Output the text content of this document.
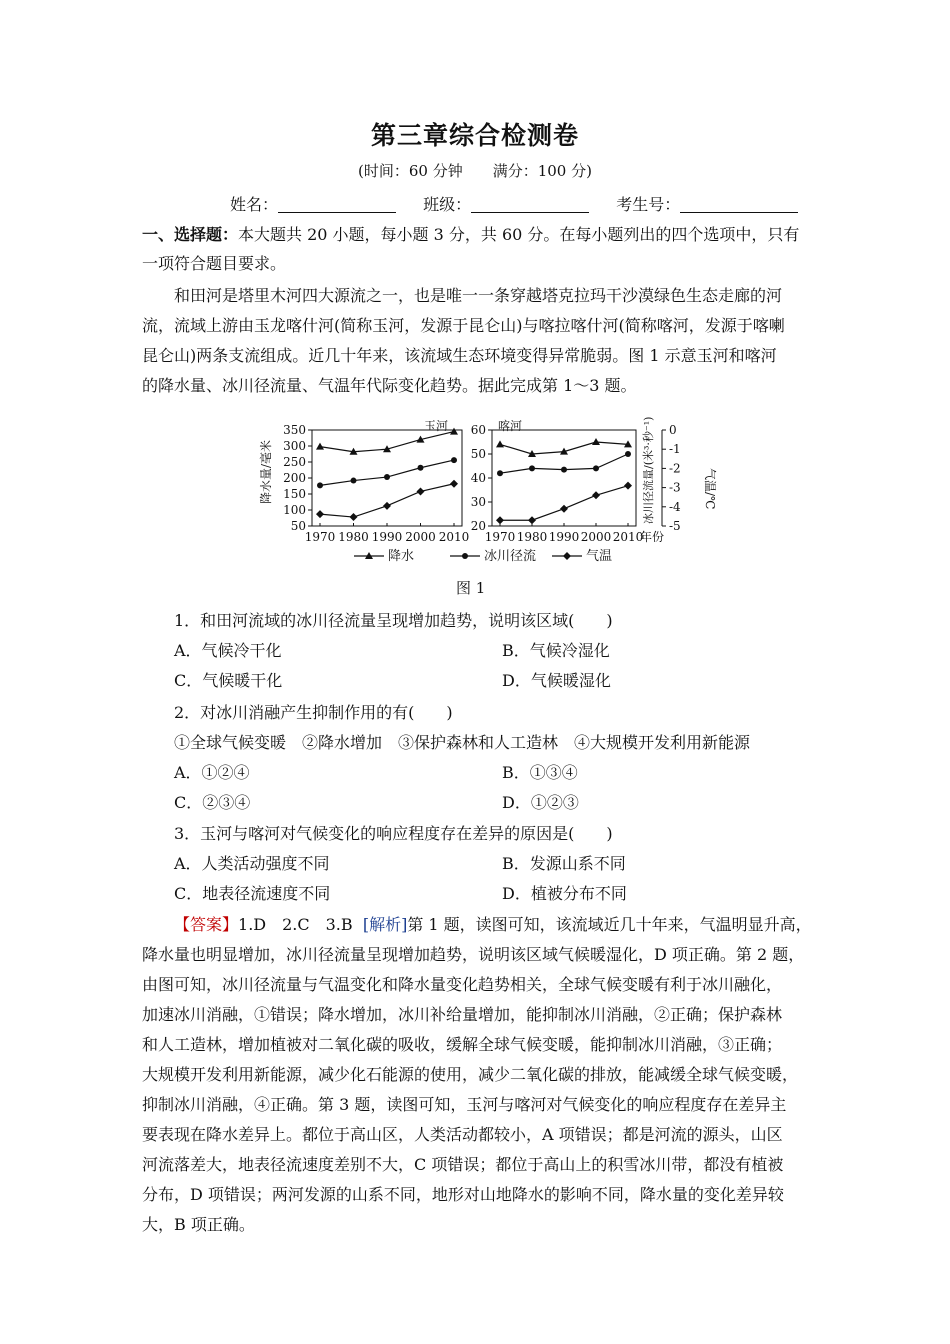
第三章综合检测卷
(时间：60 分钟　　满分：100 分)
姓名：	班级：	考生号：
一、选择题：本大题共 20 小题，每小题 3 分，共 60 分。在每小题列出的四个选项中，只有
一项符合题目要求。
和田河是塔里木河四大源流之一，也是唯一一条穿越塔克拉玛干沙漠绿色生态走廊的河
流，流域上游由玉龙喀什河(简称玉河，发源于昆仑山)与喀拉喀什河(简称喀河，发源于喀喇
昆仑山)两条支流组成。近几十年来，该流域生态环境变得异常脆弱。图 1 示意玉河和喀河
的降水量、冰川径流量、气温年代际变化趋势。据此完成第 1～3 题。
玉河
50
100
150
200
250
300
350
1970 1980 1990 2000 2010
喀河
20
30
40
50
60
1970 1980 1990 2000 2010
-5
-4
-3
-2
-1
0
年份
降水量/毫米	冰川径流量/(米³·秒⁻¹)	气温/℃
降水	冰川径流	气温
图 1
1．和田河流域的冰川径流量呈现增加趋势，说明该区域(　　)
A．气候冷干化	B．气候冷湿化
C．气候暖干化	D．气候暖湿化
2．对冰川消融产生抑制作用的有(　　)
①全球气候变暖　②降水增加　③保护森林和人工造林　④大规模开发利用新能源
A．①②④	B．①③④
C．②③④	D．①②③
3．玉河与喀河对气候变化的响应程度存在差异的原因是(　　)
A．人类活动强度不同	B．发源山系不同
C．地表径流速度不同	D．植被分布不同
【答案】1.D　2.C　3.B [解析]第 1 题，读图可知，该流域近几十年来，气温明显升高，
降水量也明显增加，冰川径流量呈现增加趋势，说明该区域气候暖湿化，D 项正确。第 2 题，
由图可知，冰川径流量与气温变化和降水量变化趋势相关，全球气候变暖有利于冰川融化，
加速冰川消融，①错误；降水增加，冰川补给量增加，能抑制冰川消融，②正确；保护森林
和人工造林，增加植被对二氧化碳的吸收，缓解全球气候变暖，能抑制冰川消融，③正确；
大规模开发利用新能源，减少化石能源的使用，减少二氧化碳的排放，能减缓全球气候变暖，
抑制冰川消融，④正确。第 3 题，读图可知，玉河与喀河对气候变化的响应程度存在差异主
要表现在降水差异上。都位于高山区，人类活动都较小，A 项错误；都是河流的源头，山区
河流落差大，地表径流速度差别不大，C 项错误；都位于高山上的积雪冰川带，都没有植被
分布，D 项错误；两河发源的山系不同，地形对山地降水的影响不同，降水量的变化差异较
大，B 项正确。
